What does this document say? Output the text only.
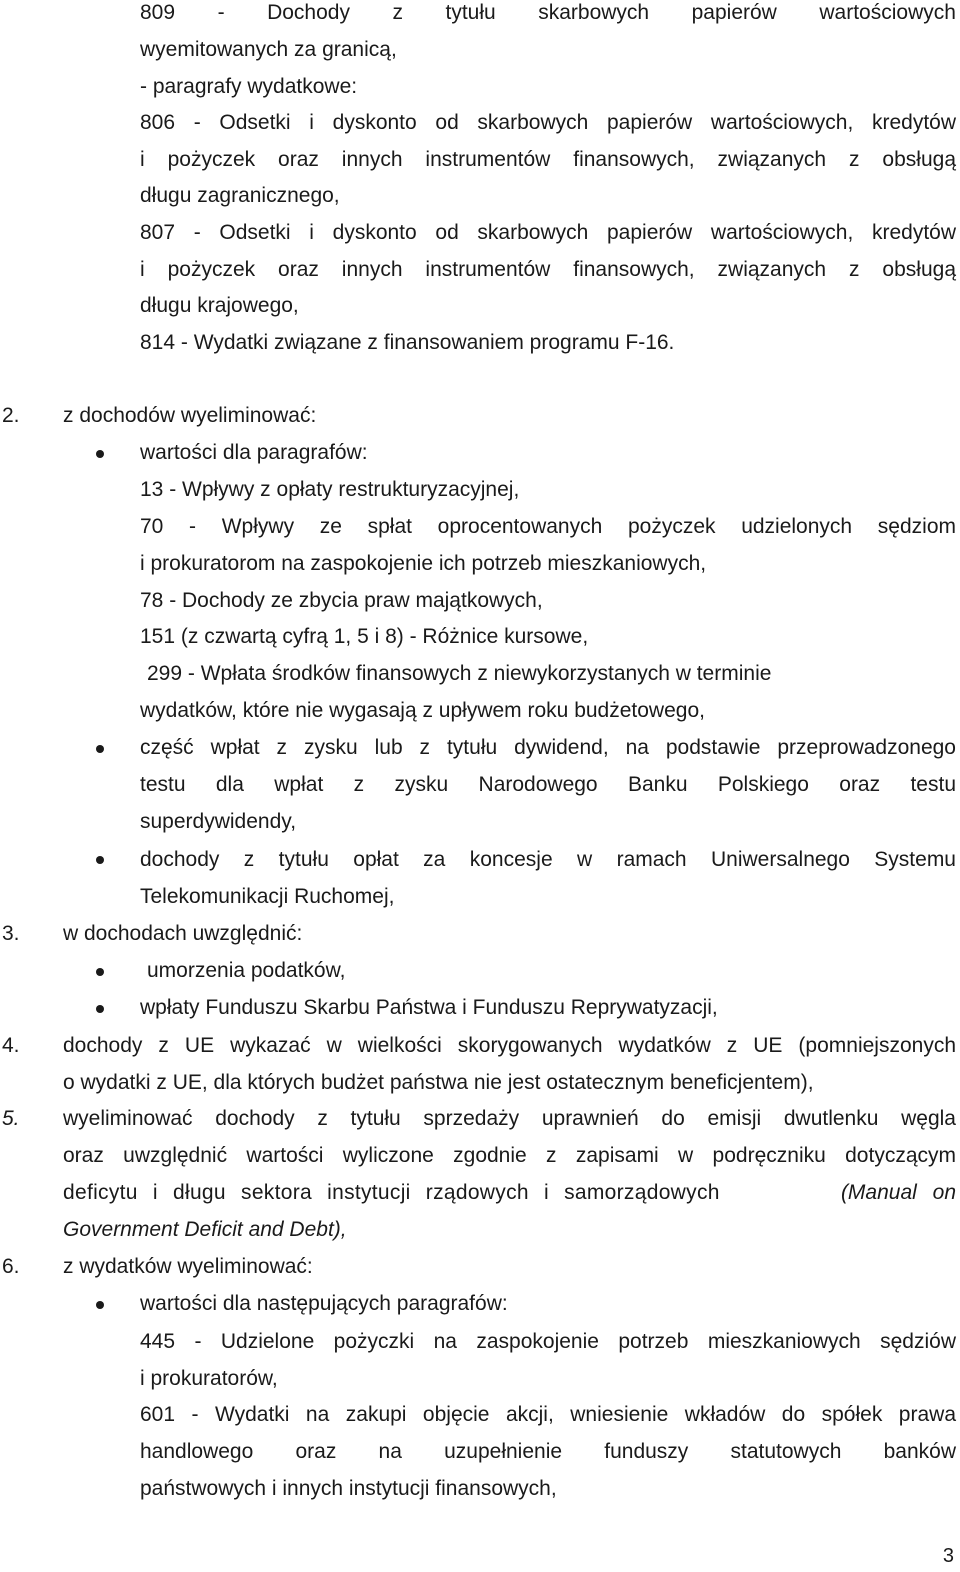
809 - Dochody z tytułu skarbowych papierów wartościowych
wyemitowanych za granicą,
- paragrafy wydatkowe:
806 - Odsetki i dyskonto od skarbowych papierów wartościowych, kredytów
i pożyczek oraz innych instrumentów finansowych, związanych z obsługą
długu zagranicznego,
807 - Odsetki i dyskonto od skarbowych papierów wartościowych, kredytów
i pożyczek oraz innych instrumentów finansowych, związanych z obsługą
długu krajowego,
814 - Wydatki związane z finansowaniem programu F-16.
2. z dochodów wyeliminować:
wartości dla paragrafów:
13 - Wpływy z opłaty restrukturyzacyjnej,
70 - Wpływy ze spłat oprocentowanych pożyczek udzielonych sędziom
i prokuratorom na zaspokojenie ich potrzeb mieszkaniowych,
78 - Dochody ze zbycia praw majątkowych,
151 (z czwartą cyfrą 1, 5 i 8) - Różnice kursowe,
299 - Wpłata środków finansowych z niewykorzystanych w terminie
wydatków, które nie wygasają z upływem roku budżetowego,
część wpłat z zysku lub z tytułu dywidend, na podstawie przeprowadzonego
testu dla wpłat z zysku Narodowego Banku Polskiego oraz testu
superdywidendy,
dochody z tytułu opłat za koncesje w ramach Uniwersalnego Systemu
Telekomunikacji Ruchomej,
3. w dochodach uwzględnić:
umorzenia podatków,
wpłaty Funduszu Skarbu Państwa i Funduszu Reprywatyzacji,
4. dochody z UE wykazać w wielkości skorygowanych wydatków z UE (pomniejszonych
o wydatki z UE, dla których budżet państwa nie jest ostatecznym beneficjentem),
5. wyeliminować dochody z tytułu sprzedaży uprawnień do emisji dwutlenku węgla
oraz uwzględnić wartości wyliczone zgodnie z zapisami w podręczniku dotyczącym
deficytu i długu sektora instytucji rządowych i samorządowych	(Manual on
Government Deficit and Debt),
6. z wydatków wyeliminować:
wartości dla następujących paragrafów:
445 - Udzielone pożyczki na zaspokojenie potrzeb mieszkaniowych sędziów
i prokuratorów,
601 - Wydatki na zakupi objęcie akcji, wniesienie wkładów do spółek prawa
handlowego oraz na uzupełnienie funduszy statutowych banków
państwowych i innych instytucji finansowych,
3
